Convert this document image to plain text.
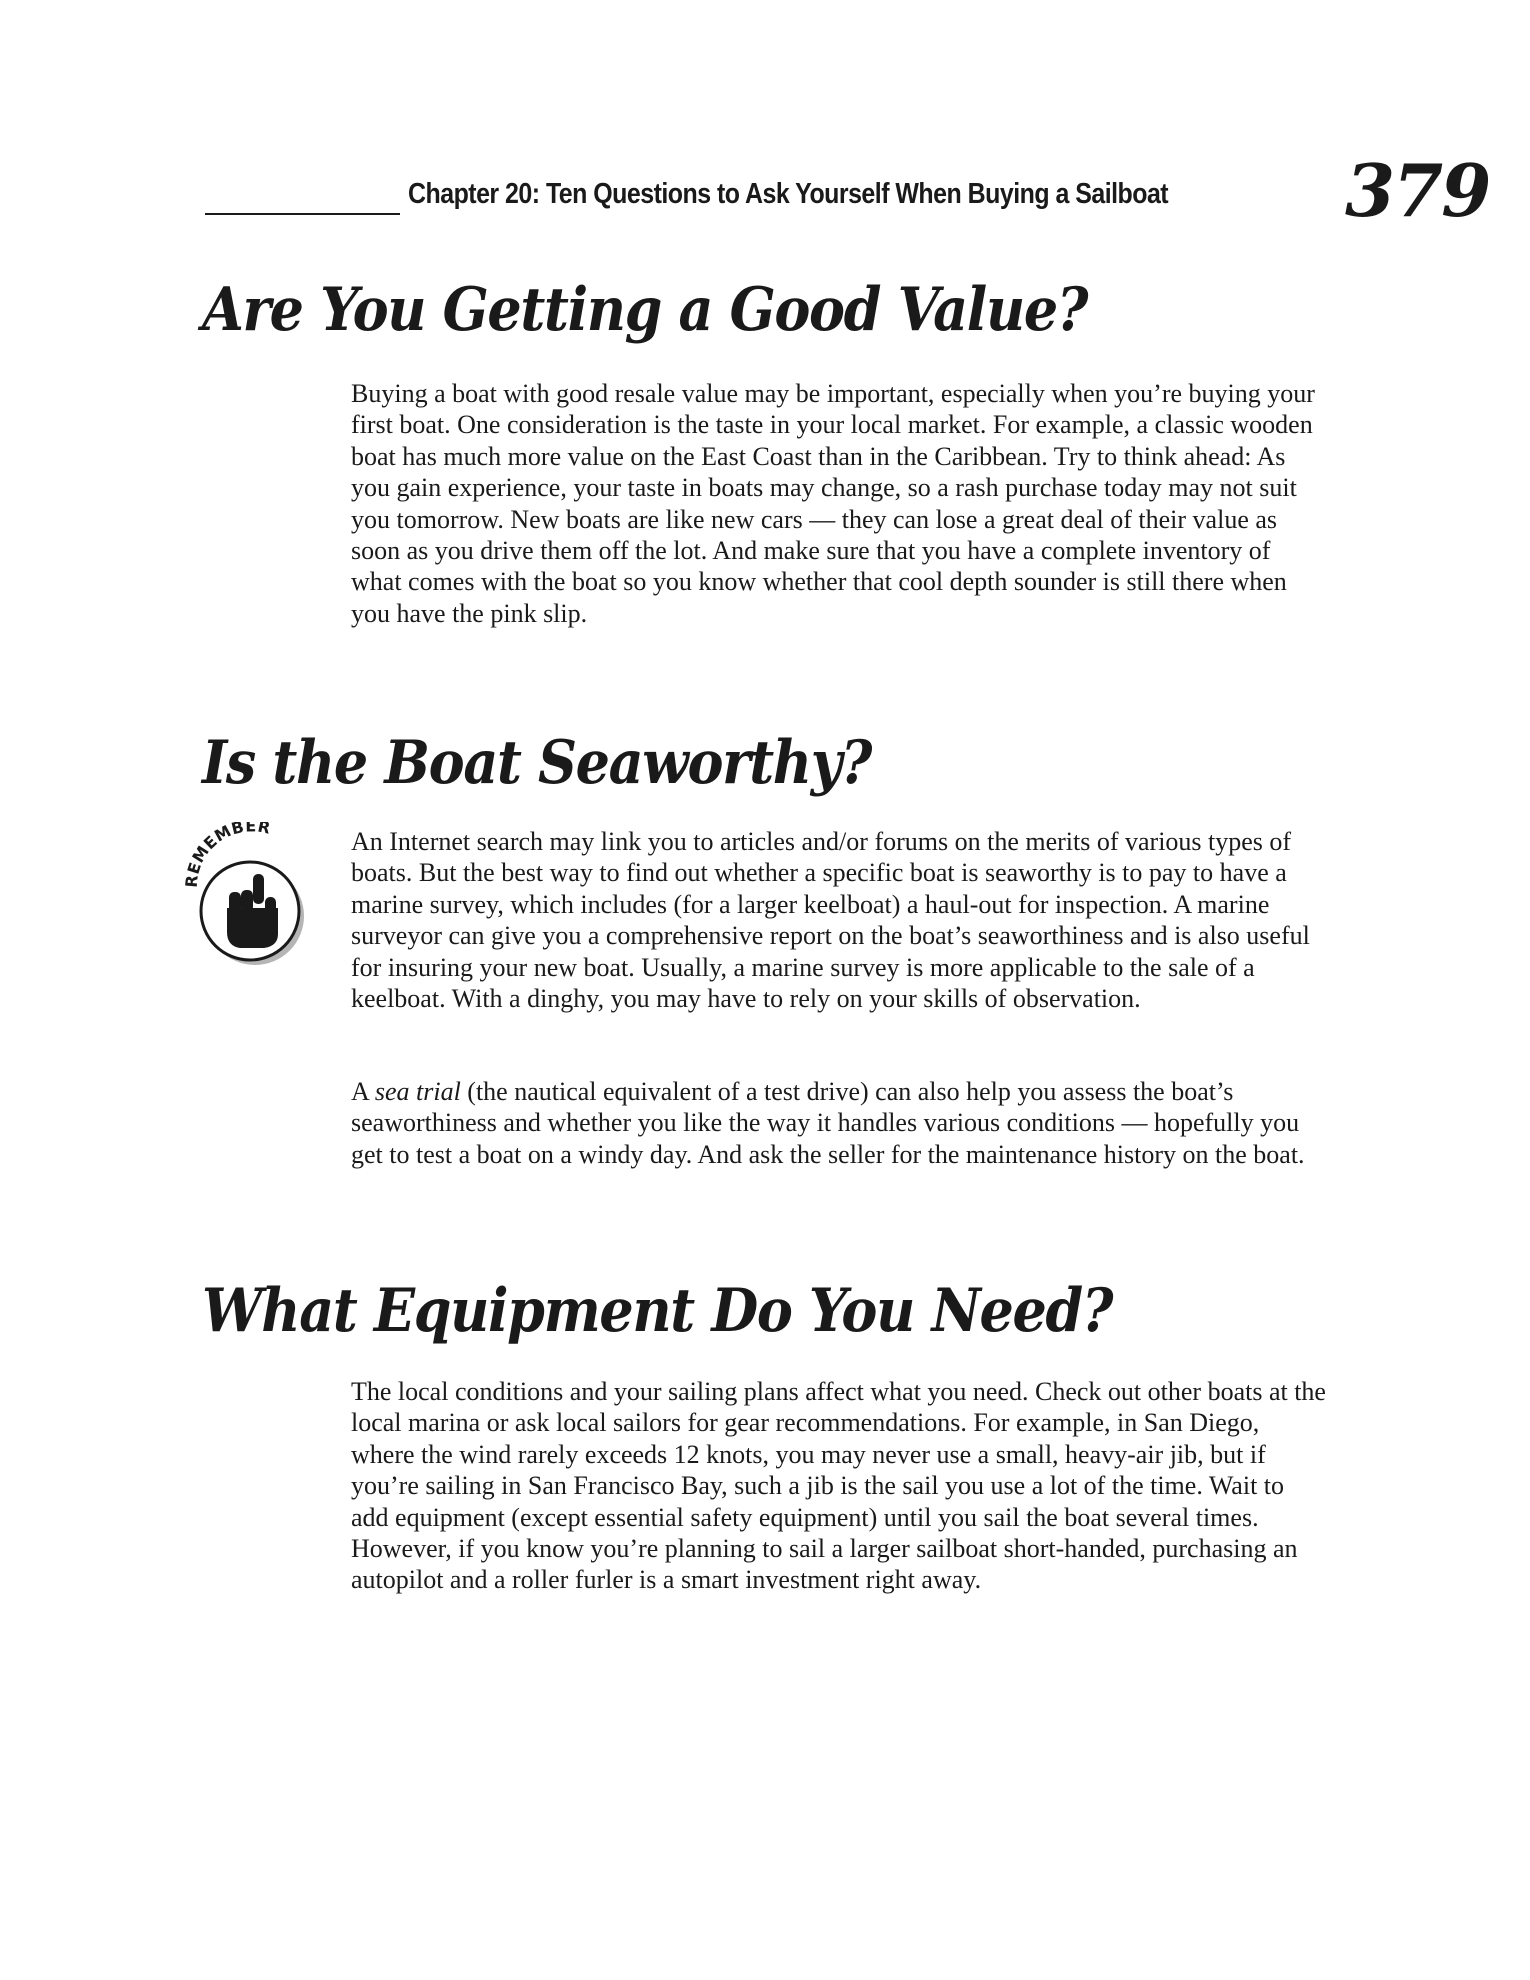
Chapter 20: Ten Questions to Ask Yourself When Buying a Sailboat 379
Are You Getting a Good Value?

Buying a boat with good resale value may be important, especially when you’re buying your first boat. One consideration is the taste in your local market. For example, a classic wooden boat has much more value on the East Coast than in the Caribbean. Try to think ahead: As you gain experience, your taste in boats may change, so a rash purchase today may not suit you tomorrow. New boats are like new cars — they can lose a great deal of their value as soon as you drive them off the lot. And make sure that you have a complete inventory of what comes with the boat so you know whether that cool depth sounder is still there when you have the pink slip.

Is the Boat Seaworthy?
REMEMBER	An Internet search may link you to articles and/or forums on the merits of various types of boats. But the best way to find out whether a specific boat is seaworthy is to pay to have a marine survey, which includes (for a larger keelboat) a haul-out for inspection. A marine surveyor can give you a comprehensive report on the boat’s seaworthiness and is also useful for insuring your new boat. Usually, a marine survey is more applicable to the sale of a keelboat. With a dinghy, you may have to rely on your skills of observation.

A sea trial (the nautical equivalent of a test drive) can also help you assess the boat’s seaworthiness and whether you like the way it handles various conditions — hopefully you get to test a boat on a windy day. And ask the seller for the maintenance history on the boat.

What Equipment Do You Need?

The local conditions and your sailing plans affect what you need. Check out other boats at the local marina or ask local sailors for gear recommendations. For example, in San Diego, where the wind rarely exceeds 12 knots, you may never use a small, heavy-air jib, but if you’re sailing in San Francisco Bay, such a jib is the sail you use a lot of the time. Wait to add equipment (except essential safety equipment) until you sail the boat several times. However, if you know you’re planning to sail a larger sailboat short-handed, purchasing an autopilot and a roller furler is a smart investment right away.
